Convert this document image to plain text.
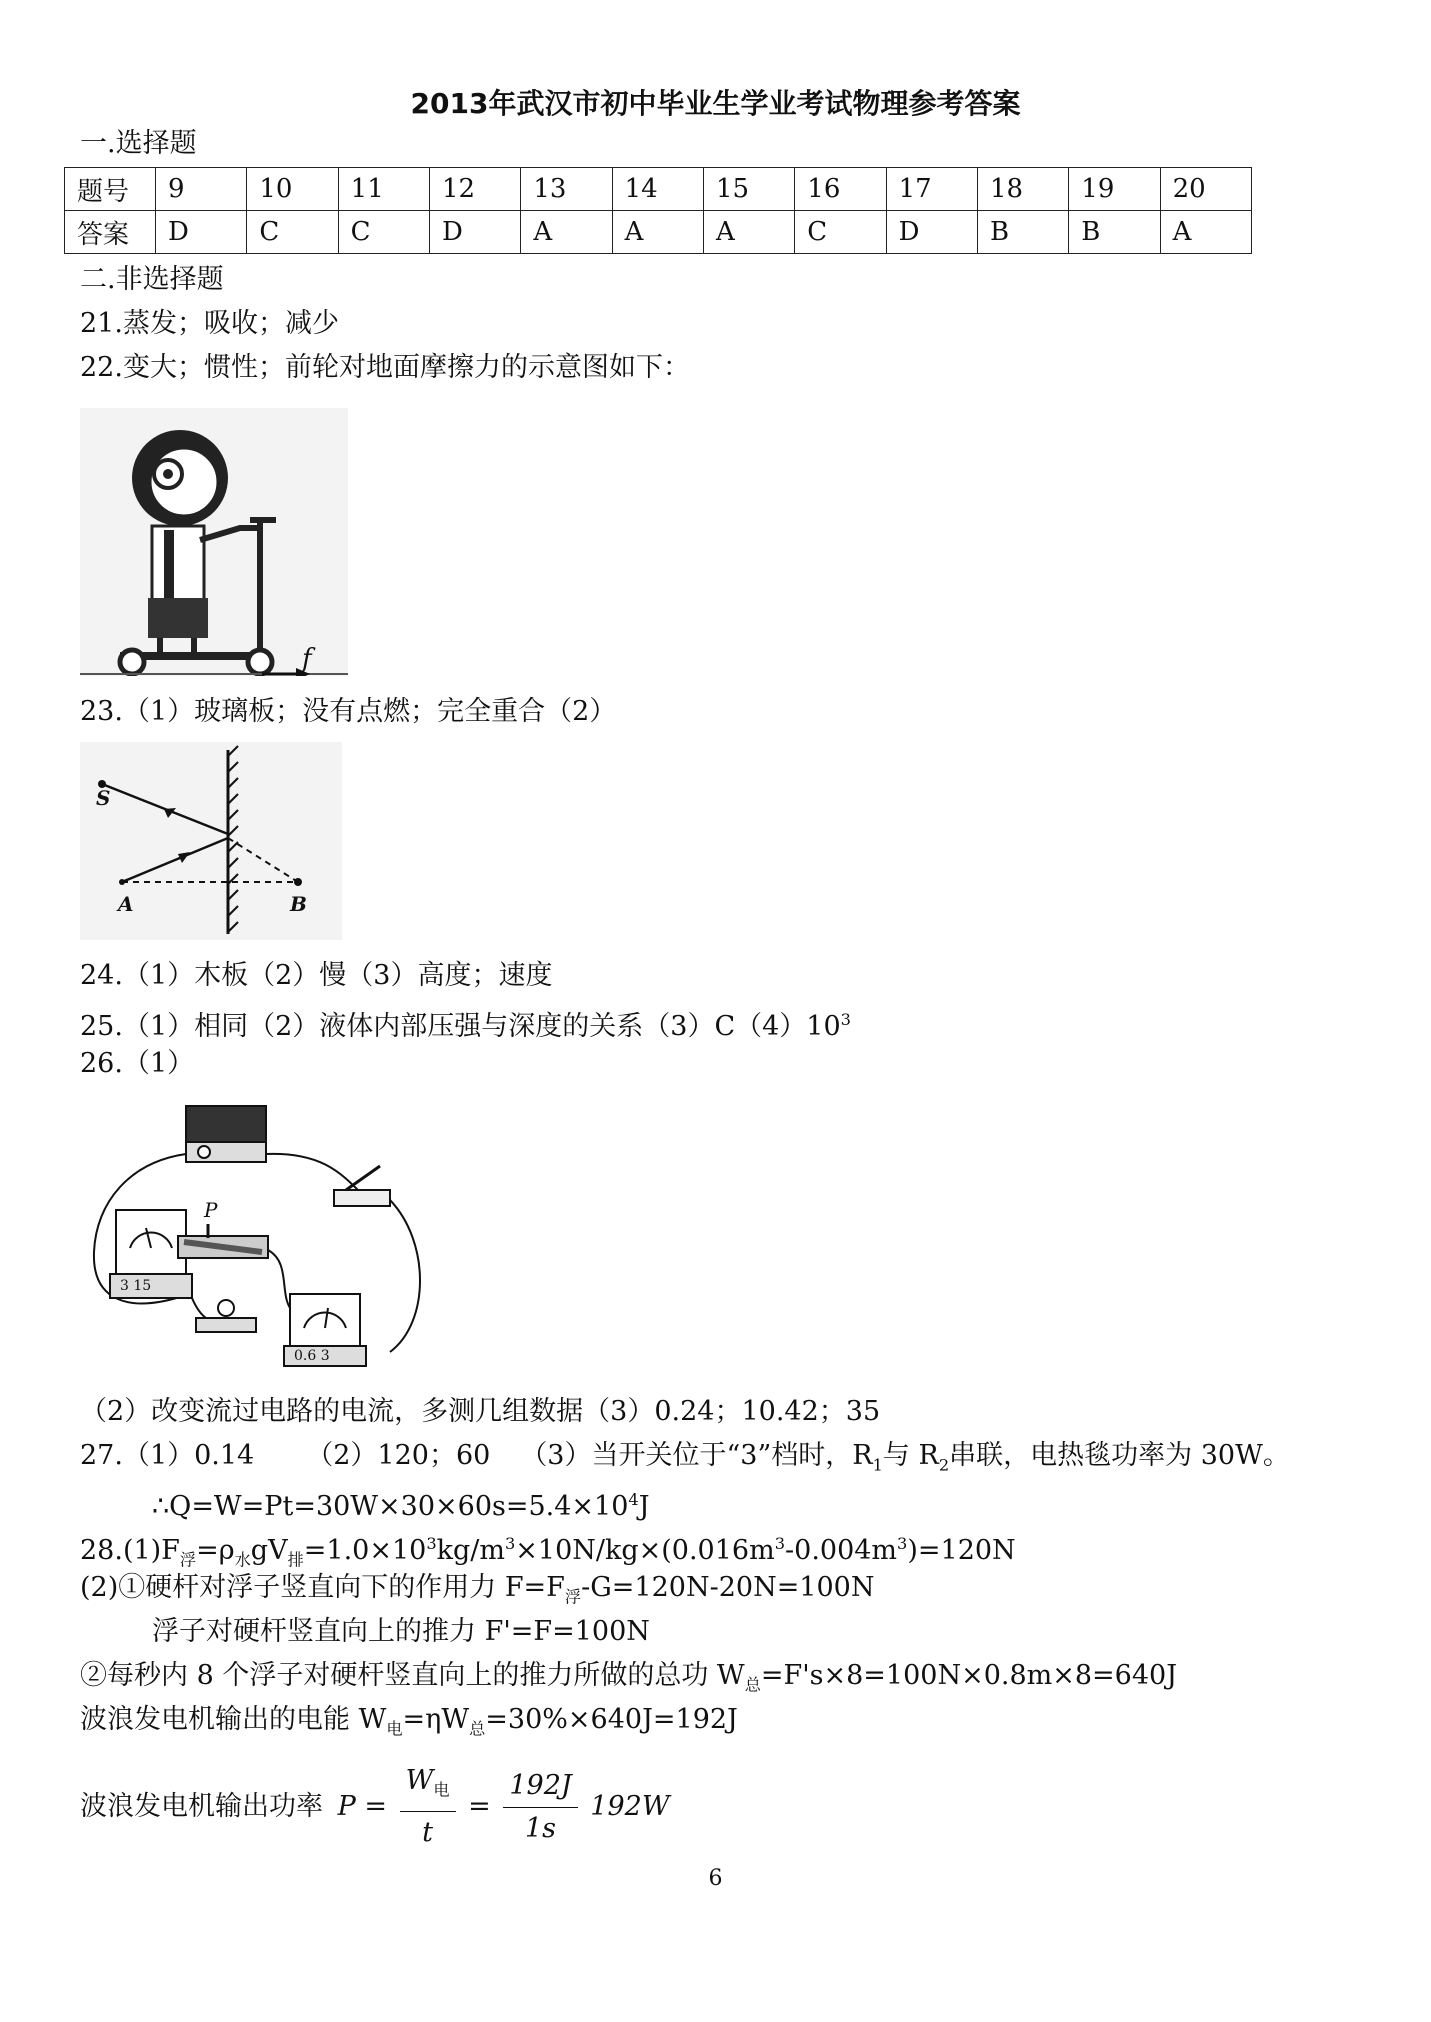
2013年武汉市初中毕业生学业考试物理参考答案
一.选择题
题号	9	10	11	12	13	14	15	16	17	18	19	20
答案	D	C	C	D	A	A	A	C	D	B	B	A
二.非选择题
21.蒸发；吸收；减少
22.变大；惯性；前轮对地面摩擦力的示意图如下：
f
23.（1）玻璃板；没有点燃；完全重合（2）
S
A	B
24.（1）木板（2）慢（3）高度；速度
25.（1）相同（2）液体内部压强与深度的关系$(3)C(4)10^3$
26.（1）
P
3 15
0.6 3
（2）改变流过电路的电流，多测几组数据（3）0.24；10.42；35
27.（1）0.14 （2）120；60 （3）当开关位于“3”档时，$R_1$与 $R_2$串联，电热毯功率为 30W。
$\therefore Q=W=Pt=30W\times 30\times 60s=5.4\times 10^4J$
$28.(1)F_浮=\rho_水gV_排=1.0\times 10^3kg/m^3\times 10N/kg\times(0.016m^3-0.004m^3)=120N$
(2)①硬杆对浮子竖直向下的作用力 $F=F_浮-G=120N-20N=100N$
浮子对硬杆竖直向上的推力 F'=F=100N
②每秒内 8 个浮子对硬杆竖直向上的推力所做的总功 $W_总=F's\times 8=100N\times 0.8m\times 8=640J$
波浪发电机输出的电能 $W_电=\eta W_总=30\%\times 640J=192J$
波浪发电机输出功率 $P = \frac{W_电}{t} = \frac{192J}{1s} 192W$
6
